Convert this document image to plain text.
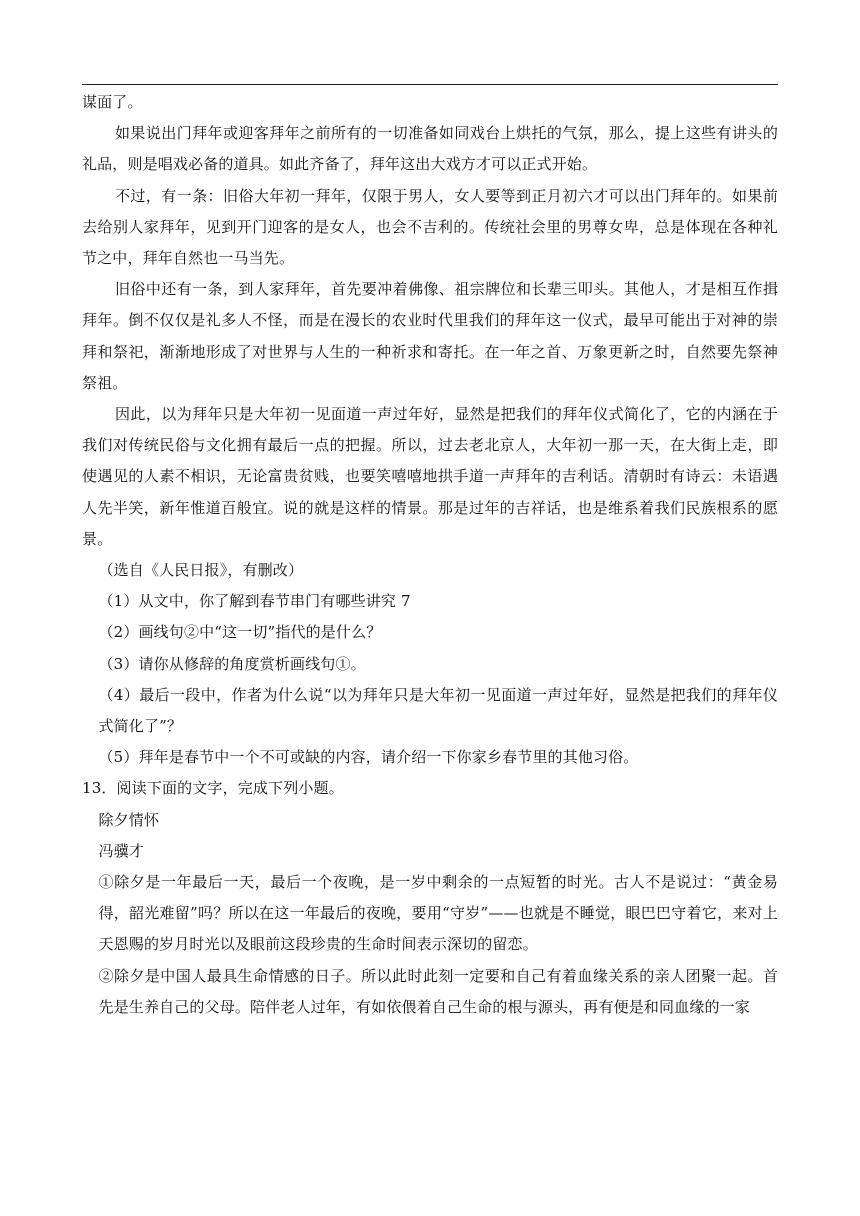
谋面了。

如果说出门拜年或迎客拜年之前所有的一切准备如同戏台上烘托的气氛，那么，提上这些有讲头的礼品，则是唱戏必备的道具。如此齐备了，拜年这出大戏方才可以正式开始。

不过，有一条：旧俗大年初一拜年，仅限于男人，女人要等到正月初六才可以出门拜年的。如果前去给别人家拜年，见到开门迎客的是女人，也会不吉利的。传统社会里的男尊女卑，总是体现在各种礼节之中，拜年自然也一马当先。

旧俗中还有一条，到人家拜年，首先要冲着佛像、祖宗牌位和长辈三叩头。其他人，才是相互作揖拜年。倒不仅仅是礼多人不怪，而是在漫长的农业时代里我们的拜年这一仪式，最早可能出于对神的崇拜和祭祀，渐渐地形成了对世界与人生的一种祈求和寄托。在一年之首、万象更新之时，自然要先祭神祭祖。

因此，以为拜年只是大年初一见面道一声过年好，显然是把我们的拜年仪式简化了，它的内涵在于我们对传统民俗与文化拥有最后一点的把握。所以，过去老北京人，大年初一那一天，在大街上走，即使遇见的人素不相识，无论富贵贫贱，也要笑嘻嘻地拱手道一声拜年的吉利话。清朝时有诗云：未语遇人先半笑，新年惟道百般宜。说的就是这样的情景。那是过年的吉祥话，也是维系着我们民族根系的愿景。

（选自《人民日报》，有删改）

（1）从文中，你了解到春节串门有哪些讲究 7

（2）画线句②中“这一切”指代的是什么？

（3）请你从修辞的角度赏析画线句①。

（4）最后一段中，作者为什么说“以为拜年只是大年初一见面道一声过年好，显然是把我们的拜年仪式简化了”？

（5）拜年是春节中一个不可或缺的内容，请介绍一下你家乡春节里的其他习俗。

13．阅读下面的文字，完成下列小题。

除夕情怀

冯骥才

①除夕是一年最后一天，最后一个夜晚，是一岁中剩余的一点短暂的时光。古人不是说过：“黄金易得，韶光难留”吗？所以在这一年最后的夜晚，要用“守岁”——也就是不睡觉，眼巴巴守着它，来对上天恩赐的岁月时光以及眼前这段珍贵的生命时间表示深切的留恋。

②除夕是中国人最具生命情感的日子。所以此时此刻一定要和自己有着血缘关系的亲人团聚一起。首先是生养自己的父母。陪伴老人过年，有如依偎着自己生命的根与源头，再有便是和同血缘的一家
